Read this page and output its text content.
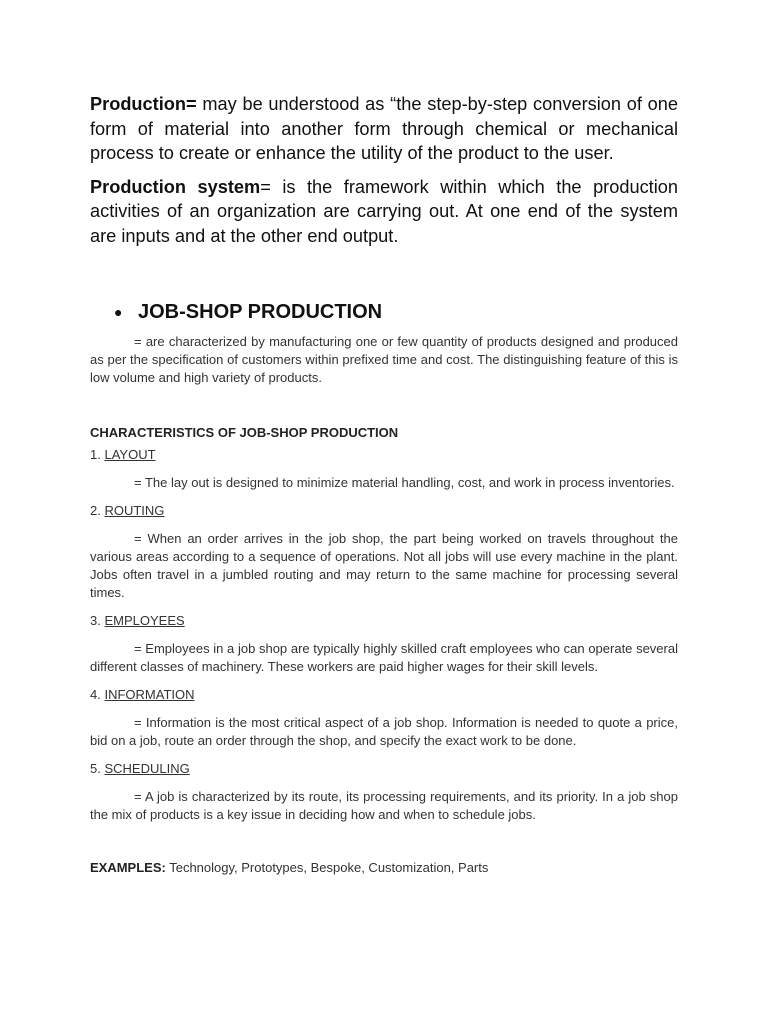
Production= may be understood as “the step-by-step conversion of one form of material into another form through chemical or mechanical process to create or enhance the utility of the product to the user.

Production system= is the framework within which the production activities of an organization are carrying out. At one end of the system are inputs and at the other end output.

● JOB-SHOP PRODUCTION

= are characterized by manufacturing one or few quantity of products designed and produced as per the specification of customers within prefixed time and cost. The distinguishing feature of this is low volume and high variety of products.

CHARACTERISTICS OF JOB-SHOP PRODUCTION
1. LAYOUT

= The lay out is designed to minimize material handling, cost, and work in process inventories.

2. ROUTING

= When an order arrives in the job shop, the part being worked on travels throughout the various areas according to a sequence of operations. Not all jobs will use every machine in the plant. Jobs often travel in a jumbled routing and may return to the same machine for processing several times.

3. EMPLOYEES

= Employees in a job shop are typically highly skilled craft employees who can operate several different classes of machinery. These workers are paid higher wages for their skill levels.

4. INFORMATION

= Information is the most critical aspect of a job shop. Information is needed to quote a price, bid on a job, route an order through the shop, and specify the exact work to be done.

5. SCHEDULING

= A job is characterized by its route, its processing requirements, and its priority. In a job shop the mix of products is a key issue in deciding how and when to schedule jobs.

EXAMPLES: Technology, Prototypes, Bespoke, Customization, Parts
